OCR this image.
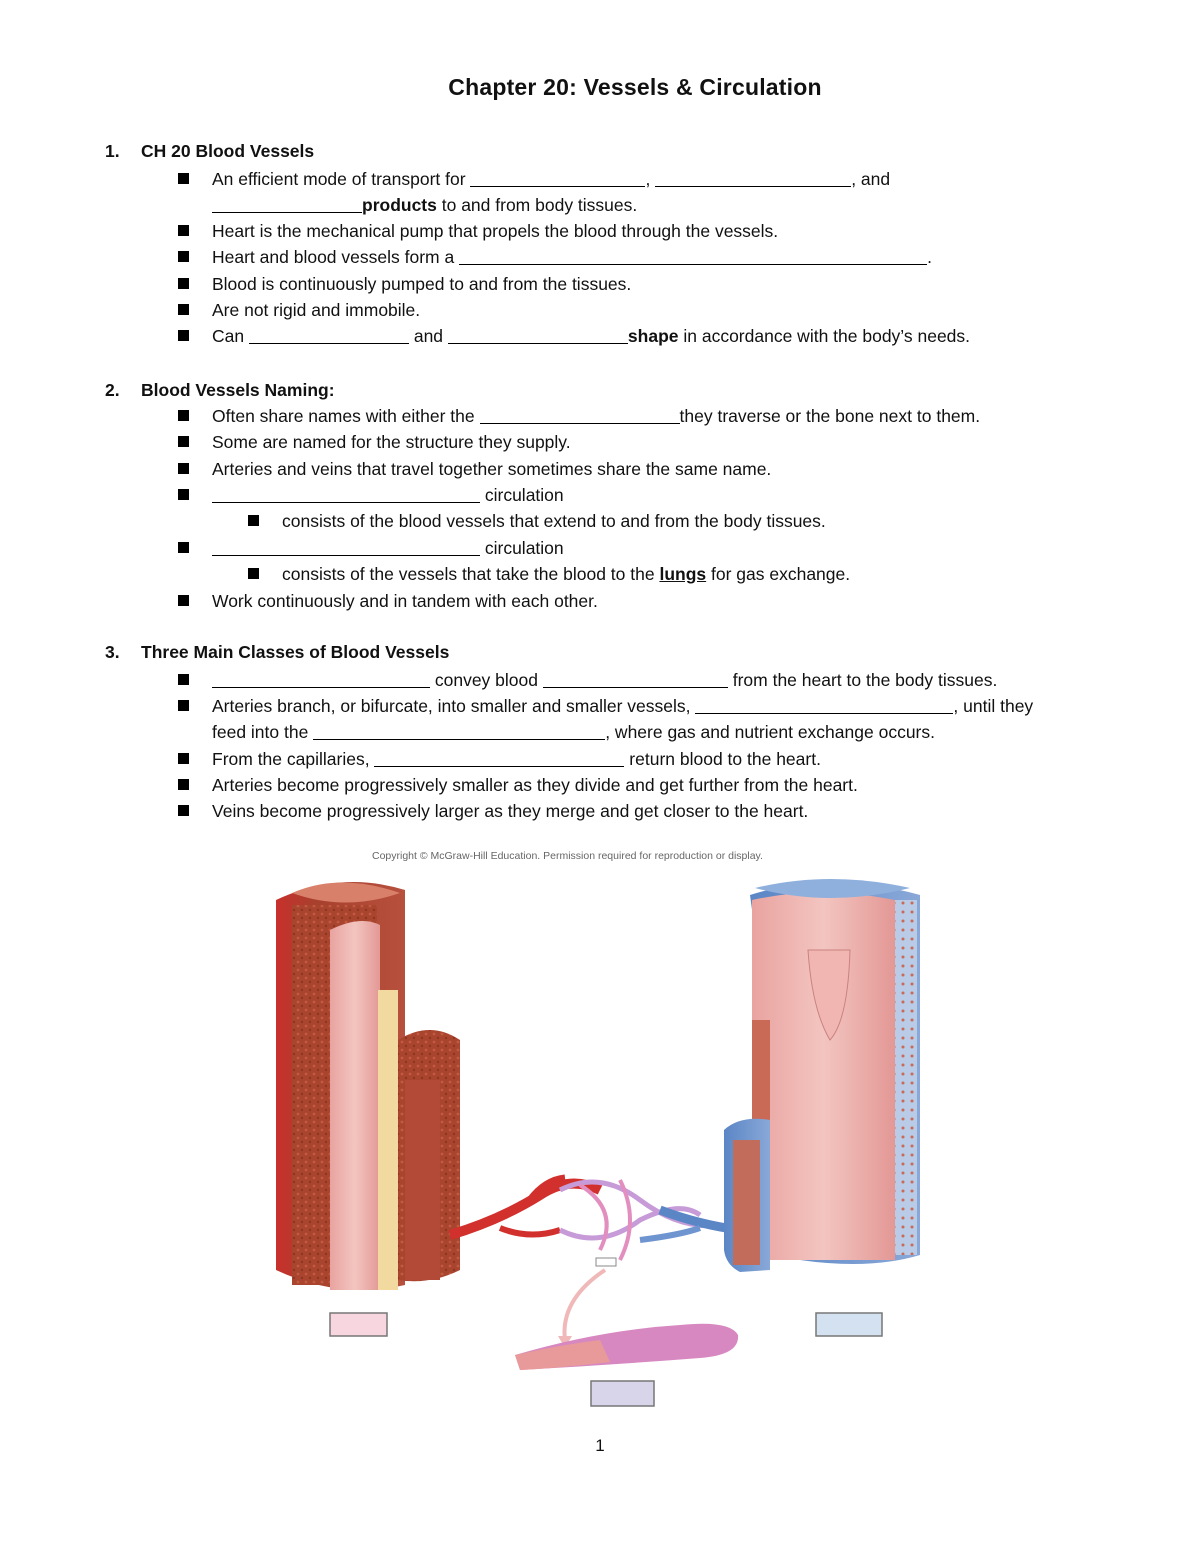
Chapter 20: Vessels & Circulation
1. CH 20 Blood Vessels
An efficient mode of transport for	,	, and
products to and from body tissues.
Heart is the mechanical pump that propels the blood through the vessels.
Heart and blood vessels form a	.
Blood is continuously pumped to and from the tissues.
Are not rigid and immobile.
Can	and	shape in accordance with the body’s needs.
2. Blood Vessels Naming:
Often share names with either the	they traverse or the bone next to them.
Some are named for the structure they supply.
Arteries and veins that travel together sometimes share the same name.
circulation
consists of the blood vessels that extend to and from the body tissues.
circulation
consists of the vessels that take the blood to the lungs for gas exchange.
Work continuously and in tandem with each other.
3. Three Main Classes of Blood Vessels
convey blood	from the heart to the body tissues.
Arteries branch, or bifurcate, into smaller and smaller vessels,	, until they
feed into the	, where gas and nutrient exchange occurs.
From the capillaries,	return blood to the heart.
Arteries become progressively smaller as they divide and get further from the heart.
Veins become progressively larger as they merge and get closer to the heart.
Copyright © McGraw-Hill Education. Permission required for reproduction or display.
1
